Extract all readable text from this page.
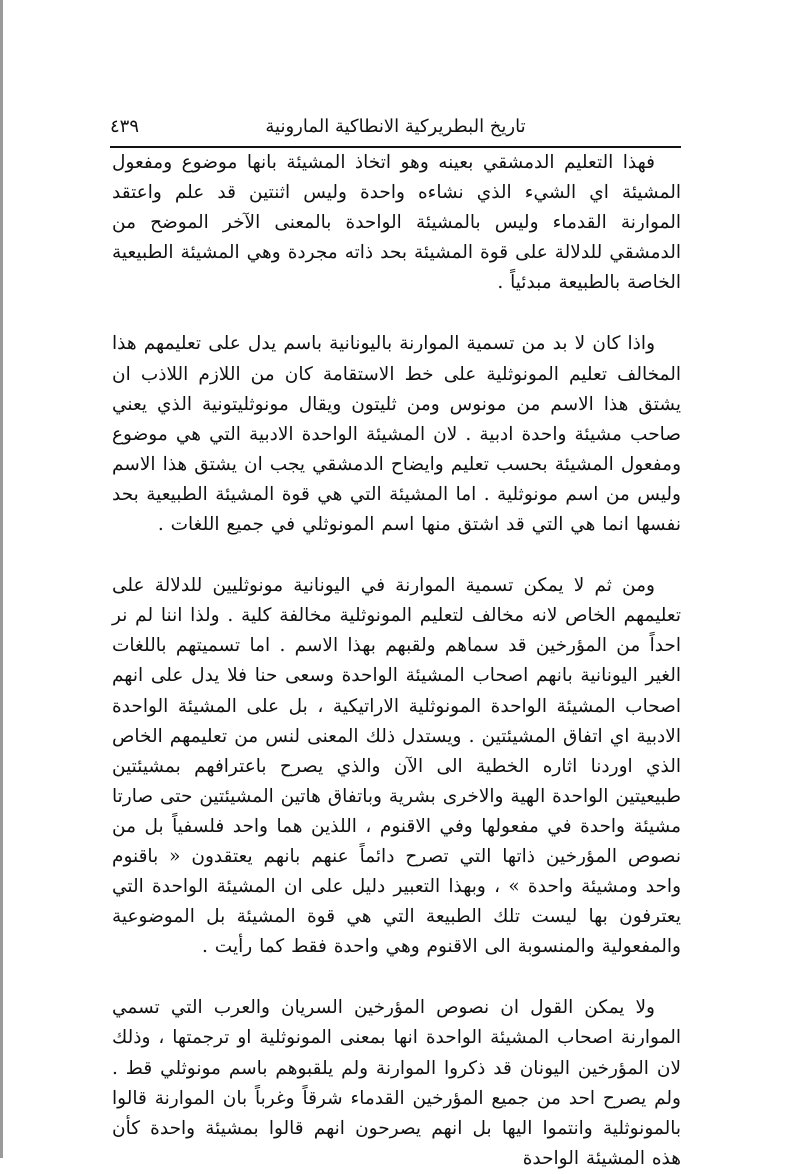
تاريخ البطريركية الانطاكية المارونية
٤٣٩

فهذا التعليم الدمشقي بعينه وهو اتخاذ المشيئة بانها موضوع ومفعول المشيئة اي الشيء الذي نشاءه واحدة وليس اثنتين قد علم واعتقد الموارنة القدماء وليس بالمشيئة الواحدة بالمعنى الآخر الموضح من الدمشقي للدلالة على قوة المشيئة بحد ذاته مجردة وهي المشيئة الطبيعية الخاصة بالطبيعة مبدئياً .

واذا كان لا بد من تسمية الموارنة باليونانية باسم يدل على تعليمهم هذا المخالف تعليم المونوثلية على خط الاستقامة كان من اللازم اللاذب ان يشتق هذا الاسم من مونوس ومن ثليتون ويقال مونوثليتونية الذي يعني صاحب مشيئة واحدة ادبية . لان المشيئة الواحدة الادبية التي هي موضوع ومفعول المشيئة بحسب تعليم وايضاح الدمشقي يجب ان يشتق هذا الاسم وليس من اسم مونوثلية . اما المشيئة التي هي قوة المشيئة الطبيعية بحد نفسها انما هي التي قد اشتق منها اسم المونوثلي في جميع اللغات .

ومن ثم لا يمكن تسمية الموارنة في اليونانية مونوثليين للدلالة على تعليمهم الخاص لانه مخالف لتعليم المونوثلية مخالفة كلية . ولذا اننا لم نر احداً من المؤرخين قد سماهم ولقبهم بهذا الاسم . اما تسميتهم باللغات الغير اليونانية بانهم اصحاب المشيئة الواحدة وسعى حنا فلا يدل على انهم اصحاب المشيئة الواحدة المونوثلية الاراتيكية ، بل على المشيئة الواحدة الادبية اي اتفاق المشيئتين . ويستدل ذلك المعنى لنس من تعليمهم الخاص الذي اوردنا اثاره الخطية الى الآن والذي يصرح باعترافهم بمشيئتين طبيعيتين الواحدة الهية والاخرى بشرية وباتفاق هاتين المشيئتين حتى صارتا مشيئة واحدة في مفعولها وفي الاقنوم ، اللذين هما واحد فلسفياً بل من نصوص المؤرخين ذاتها التي تصرح دائماً عنهم بانهم يعتقدون « باقنوم واحد ومشيئة واحدة » ، وبهذا التعبير دليل على ان المشيئة الواحدة التي يعترفون بها ليست تلك الطبيعة التي هي قوة المشيئة بل الموضوعية والمفعولية والمنسوبة الى الاقنوم وهي واحدة فقط كما رأيت .

ولا يمكن القول ان نصوص المؤرخين السريان والعرب التي تسمي الموارنة اصحاب المشيئة الواحدة انها بمعنى المونوثلية او ترجمتها ، وذلك لان المؤرخين اليونان قد ذكروا الموارنة ولم يلقبوهم باسم مونوثلي قط . ولم يصرح احد من جميع المؤرخين القدماء شرقاً وغرباً بان الموارنة قالوا بالمونوثلية وانتموا اليها بل انهم يصرحون انهم قالوا بمشيئة واحدة كأن هذه المشيئة الواحدة
